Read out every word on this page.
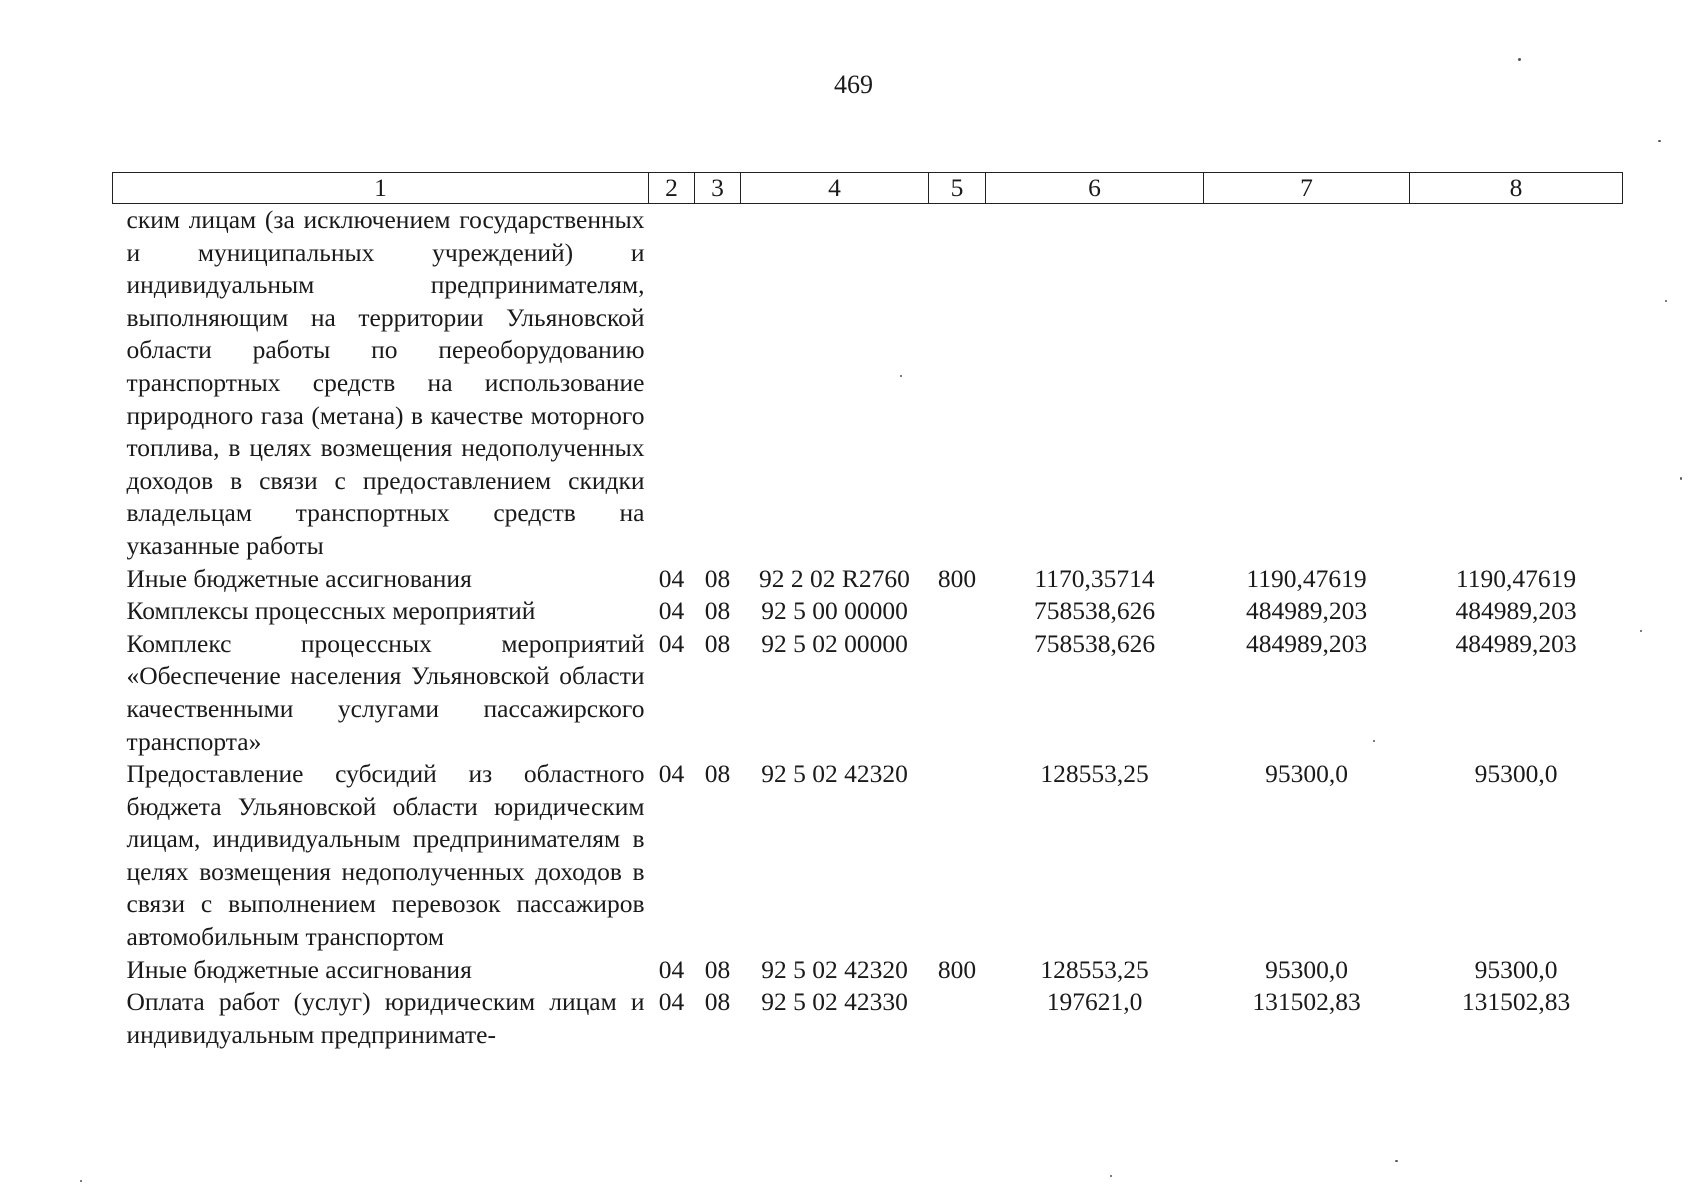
469
1	2	3	4	5	6	7	8
ским лицам (за исключением государственных и муниципальных учреждений) и индивидуальным предпринимателям, выполняющим на территории Ульяновской области работы по переоборудованию транспортных средств на использование природного газа (метана) в качестве моторного топлива, в целях возмещения недополученных доходов в связи с предоставлением скидки владельцам транспортных средств на указанные работы							
Иные бюджетные ассигнования	04	08	92 2 02 R2760	800	1170,35714	1190,47619	1190,47619
Комплексы процессных мероприятий	04	08	92 5 00 00000		758538,626	484989,203	484989,203
Комплекс процессных мероприятий «Обеспечение населения Ульяновской области качественными услугами пассажирского транспорта»	04	08	92 5 02 00000		758538,626	484989,203	484989,203
Предоставление субсидий из областного бюджета Ульяновской области юридическим лицам, индивидуальным предпринимателям в целях возмещения недополученных доходов в связи с выполнением перевозок пассажиров автомобильным транспортом	04	08	92 5 02 42320		128553,25	95300,0	95300,0
Иные бюджетные ассигнования	04	08	92 5 02 42320	800	128553,25	95300,0	95300,0
Оплата работ (услуг) юридическим лицам и индивидуальным предпринимате-	04	08	92 5 02 42330		197621,0	131502,83	131502,83
